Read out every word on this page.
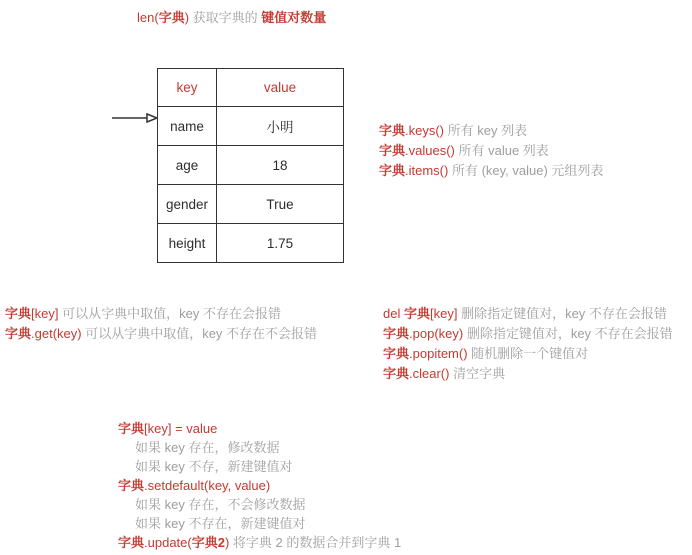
len(字典) 获取字典的 键值对数量
key	value
name	小明
age	18
gender	True
height	1.75
字典.keys() 所有 key 列表
字典.values() 所有 value 列表
字典.items() 所有 (key, value) 元组列表
字典[key] 可以从字典中取值，key 不存在会报错
字典.get(key) 可以从字典中取值，key 不存在不会报错
del 字典[key] 删除指定键值对，key 不存在会报错
字典.pop(key) 删除指定键值对，key 不存在会报错
字典.popitem() 随机删除一个键值对
字典.clear() 清空字典
字典[key] = value
如果 key 存在，修改数据
如果 key 不存，新建键值对
字典.setdefault(key, value)
如果 key 存在，不会修改数据
如果 key 不存在，新建键值对
字典.update(字典2) 将字典 2 的数据合并到字典 1
